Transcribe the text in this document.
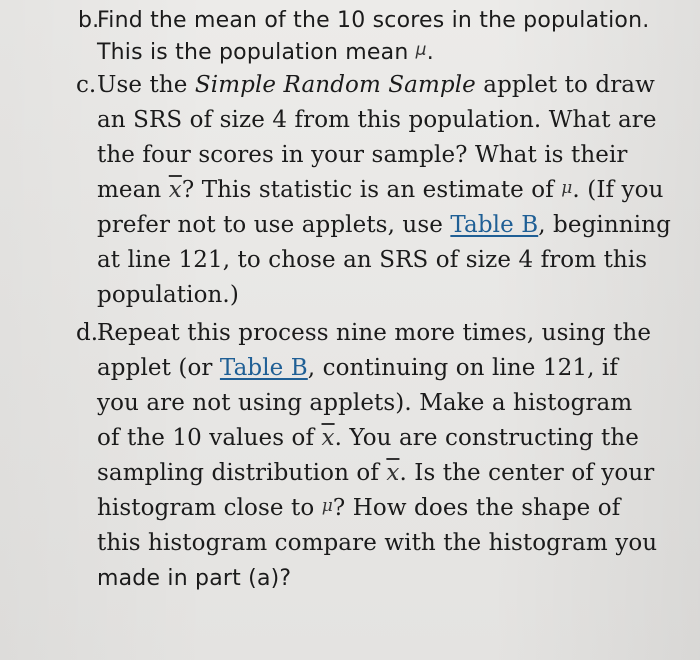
b.
Find the mean of the 10 scores in the population.
This is the population mean μ.
c. Use the Simple Random Sample applet to draw
an SRS of size 4 from this population. What are
the four scores in your sample? What is their
mean $\overline{x}$? This statistic is an estimate of μ. (If you
prefer not to use applets, use Table B, beginning
at line 121, to chose an SRS of size 4 from this
population.)
d.
Repeat this process nine more times, using the
applet (or Table B, continuing on line 121, if
you are not using applets). Make a histogram
of the 10 values of $\overline{x}$. You are constructing the
sampling distribution of $\overline{x}$. Is the center of your
histogram close to μ? How does the shape of
this histogram compare with the histogram you
made in part (a)?
